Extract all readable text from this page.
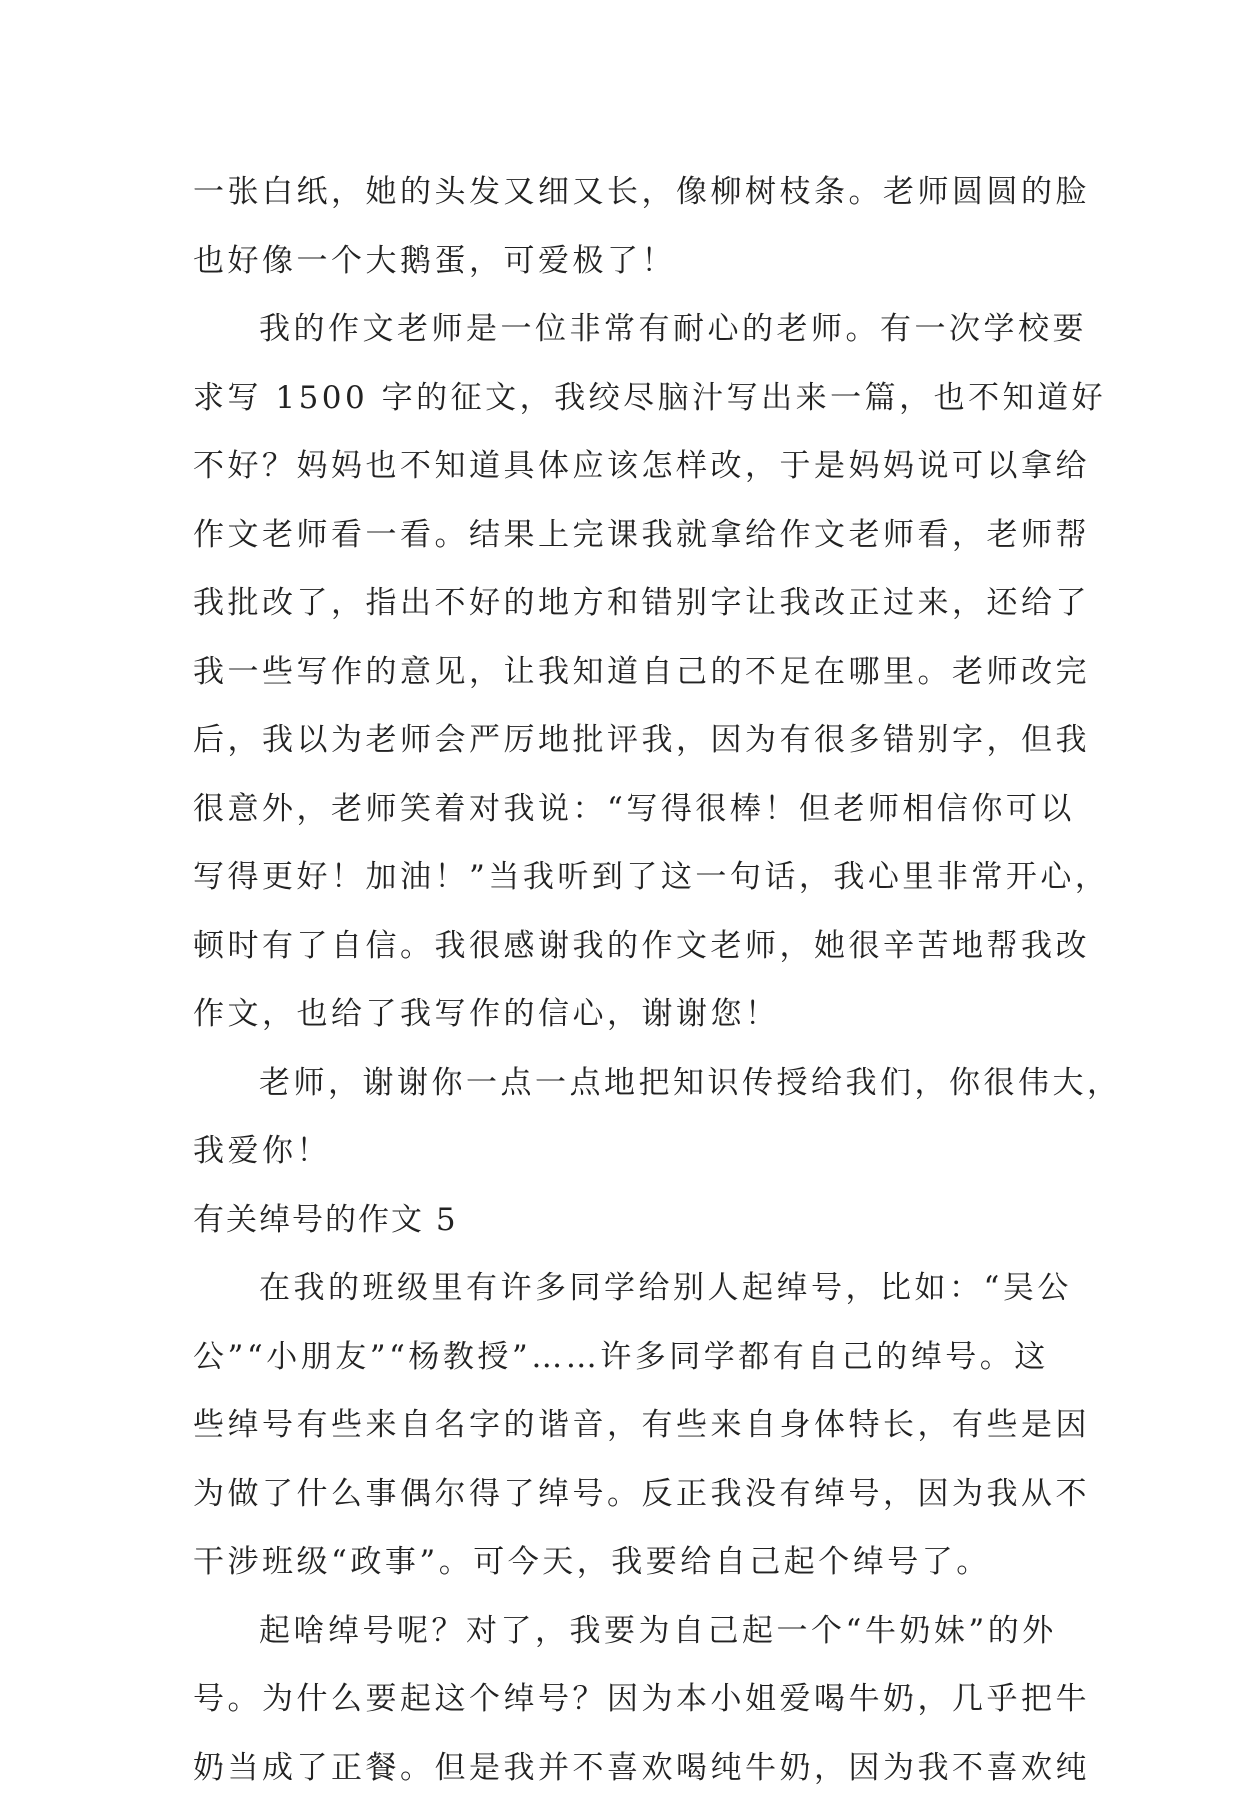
一张白纸，她的头发又细又长，像柳树枝条。老师圆圆的脸

也好像一个大鹅蛋，可爱极了！

我的作文老师是一位非常有耐心的老师。有一次学校要

求写 1500 字的征文，我绞尽脑汁写出来一篇，也不知道好

不好？妈妈也不知道具体应该怎样改，于是妈妈说可以拿给

作文老师看一看。结果上完课我就拿给作文老师看，老师帮

我批改了，指出不好的地方和错别字让我改正过来，还给了

我一些写作的意见，让我知道自己的不足在哪里。老师改完

后，我以为老师会严厉地批评我，因为有很多错别字，但我

很意外，老师笑着对我说：“写得很棒！但老师相信你可以

写得更好！加油！”当我听到了这一句话，我心里非常开心，

顿时有了自信。我很感谢我的作文老师，她很辛苦地帮我改

作文，也给了我写作的信心，谢谢您！

老师，谢谢你一点一点地把知识传授给我们，你很伟大，

我爱你！

有关绰号的作文 5

在我的班级里有许多同学给别人起绰号，比如：“吴公

公”“小朋友”“杨教授”……许多同学都有自己的绰号。这

些绰号有些来自名字的谐音，有些来自身体特长，有些是因

为做了什么事偶尔得了绰号。反正我没有绰号，因为我从不

干涉班级“政事”。可今天，我要给自己起个绰号了。

起啥绰号呢？对了，我要为自己起一个“牛奶妹”的外

号。为什么要起这个绰号？因为本小姐爱喝牛奶，几乎把牛

奶当成了正餐。但是我并不喜欢喝纯牛奶，因为我不喜欢纯
